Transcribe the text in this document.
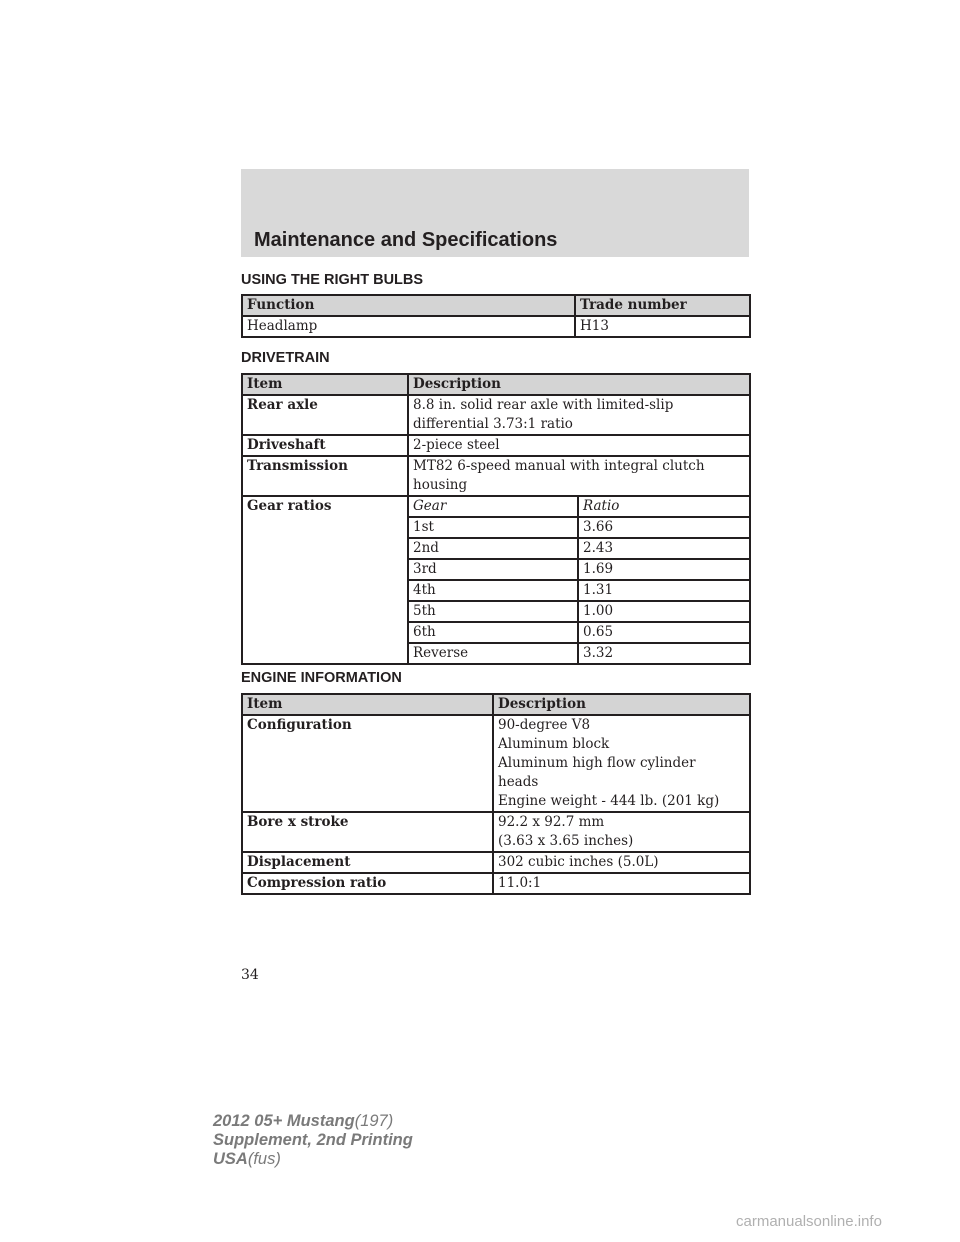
Maintenance and Specifications
USING THE RIGHT BULBS
Function	Trade number
Headlamp	H13
DRIVETRAIN
Item	Description	
Rear axle	8.8 in. solid rear axle with limited-slip
differential 3.73:1 ratio	

Driveshaft	2-piece steel	
Transmission	MT82 6-speed manual with integral clutch
housing	

Gear ratios	Gear	Ratio
	1st	3.66
	2nd	2.43
	3rd	1.69
	4th	1.31
	5th	1.00
	6th	0.65
	Reverse	3.32
ENGINE INFORMATION
Item	Description
Configuration	90-degree V8
Aluminum block
Aluminum high flow cylinder
heads
Engine weight - 444 lb. (201 kg)

Bore x stroke	92.2 x 92.7 mm
(3.63 x 3.65 inches)

Displacement	302 cubic inches (5.0L)
Compression ratio	11.0:1
34
2012 05+ Mustang(197)
Supplement, 2nd Printing
USA(fus)
carmanualsonline.info
